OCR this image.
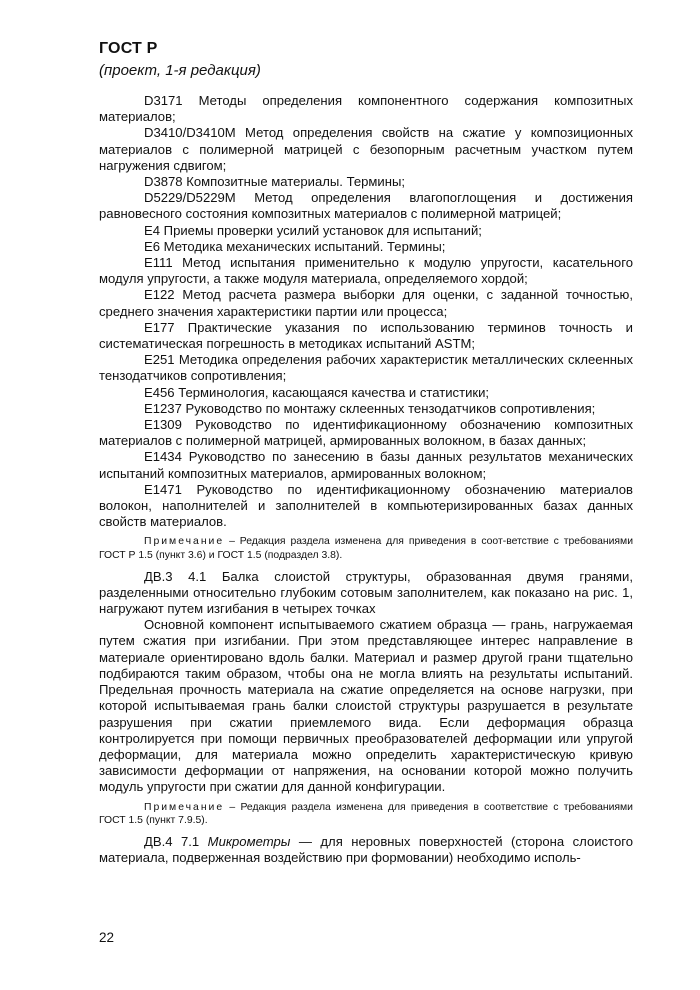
ГОСТ Р
(проект, 1-я редакция)

D3171 Методы определения компонентного содержания композитных материалов;

D3410/D3410M Метод определения свойств на сжатие у композиционных материалов с полимерной матрицей с безопорным расчетным участком путем нагружения сдвигом;

D3878 Композитные материалы. Термины;

D5229/D5229M Метод определения влагопоглощения и достижения равновесного состояния композитных материалов с полимерной матрицей;

E4 Приемы проверки усилий установок для испытаний;

E6 Методика механических испытаний. Термины;

E111 Метод испытания применительно к модулю упругости, касательного модуля упругости, а также модуля материала, определяемого хордой;

E122 Метод расчета размера выборки для оценки, с заданной точностью, среднего значения характеристики партии или процесса;

E177 Практические указания по использованию терминов точность и систематическая погрешность в методиках испытаний ASTM;

E251 Методика определения рабочих характеристик металлических склеенных тензодатчиков сопротивления;

E456 Терминология, касающаяся качества и статистики;

E1237 Руководство по монтажу склеенных тензодатчиков сопротивления;

E1309 Руководство по идентификационному обозначению композитных материалов с полимерной матрицей, армированных волокном, в базах данных;

E1434 Руководство по занесению в базы данных результатов механических испытаний композитных материалов, армированных волокном;

E1471 Руководство по идентификационному обозначению материалов волокон, наполнителей и заполнителей в компьютеризированных базах данных свойств материалов.

Примечание – Редакция раздела изменена для приведения в соот-ветствие с требованиями ГОСТ Р 1.5 (пункт 3.6) и ГОСТ 1.5 (подраздел 3.8).

ДВ.3 4.1 Балка слоистой структуры, образованная двумя гранями, разделенными относительно глубоким сотовым заполнителем, как показано на рис. 1, нагружают путем изгибания в четырех точках

Основной компонент испытываемого сжатием образца — грань, нагружаемая путем сжатия при изгибании. При этом представляющее интерес направление в материале ориентировано вдоль балки. Материал и размер другой грани тщательно подбираются таким образом, чтобы она не могла влиять на результаты испытаний. Предельная прочность материала на сжатие определяется на основе нагрузки, при которой испытываемая грань балки слоистой структуры разрушается в результате разрушения при сжатии приемлемого вида. Если деформация образца контролируется при помощи первичных преобразователей деформации или упругой деформации, для материала можно определить характеристическую кривую зависимости деформации от напряжения, на основании которой можно получить модуль упругости при сжатии для данной конфигурации.

Примечание – Редакция раздела изменена для приведения в соответствие с требованиями ГОСТ 1.5 (пункт 7.9.5).

ДВ.4 7.1 Микрометры — для неровных поверхностей (сторона слоистого материала, подверженная воздействию при формовании) необходимо исполь-

22
